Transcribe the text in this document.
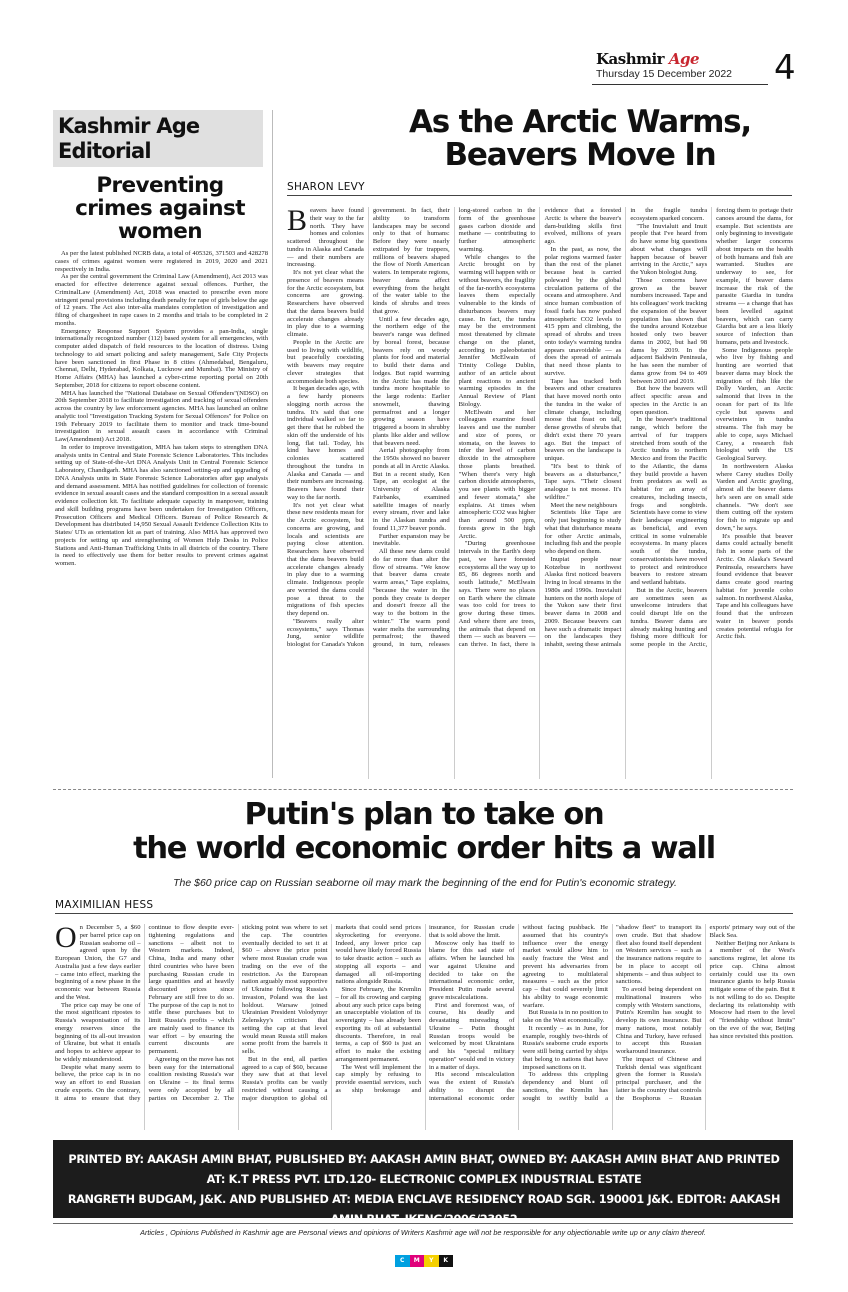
Kashmir Age
Thursday 15 December 2022 4
Kashmir Age
Editorial
Preventing
crimes against
women

As per the latest published NCRB data, a total of 405326, 371503 and 428278 cases of crimes against women were registered in 2019, 2020 and 2021 respectively in India.

As per the central government the Criminal Law (Amendment), Act 2013 was enacted for effective deterrence against sexual offences. Further, the CriminalLaw (Amendment) Act, 2018 was enacted to prescribe even more stringent penal provisions including death penalty for rape of girls below the age of 12 years. The Act also inter-alia mandates completion of investigation and filing of chargesheet in rape cases in 2 months and trials to be completed in 2 months.

Emergency Response Support System provides a pan-India, single internationally recognized number (112) based system for all emergencies, with computer aided dispatch of field resources to the location of distress. Using technology to aid smart policing and safety management, Safe City Projects have been sanctioned in first Phase in 8 cities (Ahmedabad, Bengaluru, Chennai, Delhi, Hyderabad, Kolkata, Lucknow and Mumbai). The Ministry of Home Affairs (MHA) has launched a cyber-crime reporting portal on 20th September, 2018 for citizens to report obscene content.

MHA has launched the "National Database on Sexual Offenders"(NDSO) on 20th September 2018 to facilitate investigation and tracking of sexual offenders across the country by law enforcement agencies. MHA has launched an online analytic tool "Investigation Tracking System for Sexual Offences" for Police on 19th February 2019 to facilitate them to monitor and track time-bound investigation in sexual assault cases in accordance with Criminal Law(Amendment) Act 2018.

In order to improve investigation, MHA has taken steps to strengthen DNA analysis units in Central and State Forensic Science Laboratories. This includes setting up of State-of-the-Art DNA Analysis Unit in Central Forensic Science Laboratory, Chandigarh. MHA has also sanctioned setting-up and upgrading of DNA Analysis units in State Forensic Science Laboratories after gap analysis and demand assessment. MHA has notified guidelines for collection of forensic evidence in sexual assault cases and the standard composition in a sexual assault evidence collection kit. To facilitate adequate capacity in manpower, training and skill building programs have been undertaken for Investigation Officers, Prosecution Officers and Medical Officers. Bureau of Police Research & Development has distributed 14,950 Sexual Assault Evidence Collection Kits to States/ UTs as orientation kit as part of training. Also MHA has approved two projects for setting up and strengthening of Women Help Desks in Police Stations and Anti-Human Trafficking Units in all districts of the country. There is need to effectively use them for better results to prevent crimes against women.

As the Arctic Warms,
Beavers Move In
SHARON LEVY

Beavers have found their way to the far north. They have homes and colonies scattered throughout the tundra in Alaska and Canada — and their numbers are increasing.

It's not yet clear what the presence of beavers means for the Arctic ecosystem, but concerns are growing. Researchers have observed that the dams beavers build accelerate changes already in play due to a warming climate.

People in the Arctic are used to living with wildlife, but peacefully coexisting with beavers may require clever strategies that accommodate both species.

It began decades ago, with a few hardy pioneers slogging north across the tundra. It's said that one individual walked so far to get there that he rubbed the skin off the underside of his long, flat tail. Today, his kind have homes and colonies scattered throughout the tundra in Alaska and Canada — and their numbers are increasing. Beavers have found their way to the far north.

It's not yet clear what these new residents mean for the Arctic ecosystem, but concerns are growing, and locals and scientists are paying close attention. Researchers have observed that the dams beavers build accelerate changes already in play due to a warming climate. Indigenous people are worried the dams could pose a threat to the migrations of fish species they depend on.

"Beavers really alter ecosystems," says Thomas Jung, senior wildlife biologist for Canada's Yukon government. In fact, their ability to transform landscapes may be second only to that of humans: Before they were nearly extirpated by fur trappers, millions of beavers shaped the flow of North American waters. In temperate regions, beaver dams affect everything from the height of the water table to the kinds of shrubs and trees that grow.

Until a few decades ago, the northern edge of the beaver's range was defined by boreal forest, because beavers rely on woody plants for food and material to build their dams and lodges. But rapid warming in the Arctic has made the tundra more hospitable to the large rodents: Earlier snowmelt, thawing permafrost and a longer growing season have triggered a boom in shrubby plants like alder and willow that beavers need.

Aerial photography from the 1950s showed no beaver ponds at all in Arctic Alaska. But in a recent study, Ken Tape, an ecologist at the University of Alaska Fairbanks, examined satellite images of nearly every stream, river and lake in the Alaskan tundra and found 11,377 beaver ponds.

Further expansion may be inevitable.

All these new dams could do far more than alter the flow of streams. "We know that beaver dams create warm areas," Tape explains, "because the water in the ponds they create is deeper and doesn't freeze all the way to the bottom in the winter." The warm pond water melts the surrounding permafrost; the thawed ground, in turn, releases long-stored carbon in the form of the greenhouse gases carbon dioxide and methane — contributing to further atmospheric warming.

While changes to the Arctic brought on by warming will happen with or without beavers, the fragility of the far-north's ecosystems leaves them especially vulnerable to the kinds of disturbances beavers may cause. In fact, the tundra may be the environment most threatened by climate change on the planet, according to paleobotanist Jennifer McElwain of Trinity College Dublin, author of an article about plant reactions to ancient warming episodes in the Annual Review of Plant Biology.

McElwain and her colleagues examine fossil leaves and use the number and size of pores, or stomata, on the leaves to infer the level of carbon dioxide in the atmosphere those plants breathed. "When there's very high carbon dioxide atmospheres, you see plants with bigger and fewer stomata," she explains. At times when atmospheric CO2 was higher than around 500 ppm, forests grew in the high Arctic.

"During greenhouse intervals in the Earth's deep past, we have forested ecosystems all the way up to 85, 86 degrees north and south latitude," McElwain says. There were no places on Earth where the climate was too cold for trees to grow during these times. And where there are trees, the animals that depend on them — such as beavers — can thrive. In fact, there is evidence that a forested Arctic is where the beaver's dam-building skills first evolved, millions of years ago.

In the past, as now, the polar regions warmed faster than the rest of the planet because heat is carried poleward by the global circulation patterns of the oceans and atmosphere. And since human combustion of fossil fuels has now pushed atmospheric CO2 levels to 415 ppm and climbing, the spread of shrubs and trees onto today's warming tundra appears unavoidable — as does the spread of animals that need those plants to survive.

Tape has tracked both beavers and other creatures that have moved north onto the tundra in the wake of climate change, including moose that feast on tall, dense growths of shrubs that didn't exist there 70 years ago. But the impact of beavers on the landscape is unique.

"It's best to think of beavers as a disturbance," Tape says. "Their closest analogue is not moose. It's wildfire."

Meet the new neighbours

Scientists like Tape are only just beginning to study what that disturbance means for other Arctic animals, including fish and the people who depend on them.

Inupiat people near Kotzebue in northwest Alaska first noticed beavers living in local streams in the 1980s and 1990s. Inuvialuit hunters on the north slope of the Yukon saw their first beaver dams in 2008 and 2009. Because beavers can have such a dramatic impact on the landscapes they inhabit, seeing these animals in the fragile tundra ecosystem sparked concern.

"The Inuvialuit and Inuit people that I've heard from do have some big questions about what changes will happen because of beaver arriving in the Arctic," says the Yukon biologist Jung.

Those concerns have grown as the beaver numbers increased. Tape and his colleagues' work tracking the expansion of the beaver population has shown that the tundra around Kotzebue hosted only two beaver dams in 2002, but had 98 dams by 2019. In the adjacent Baldwin Peninsula, he has seen the number of dams grow from 94 to 409 between 2010 and 2019.

But how the beavers will affect specific areas and species in the Arctic is an open question.

In the beaver's traditional range, which before the arrival of fur trappers stretched from south of the Arctic tundra to northern Mexico and from the Pacific to the Atlantic, the dams they build provide a haven from predators as well as habitat for an array of creatures, including insects, frogs and songbirds. Scientists have come to view their landscape engineering as beneficial, and even critical in some vulnerable ecosystems. In many places south of the tundra, conservationists have moved to protect and reintroduce beavers to restore stream and wetland habitats.

But in the Arctic, beavers are sometimes seen as unwelcome intruders that could disrupt life on the tundra. Beaver dams are already making hunting and fishing more difficult for some people in the Arctic, forcing them to portage their canoes around the dams, for example. But scientists are only beginning to investigate whether larger concerns about impacts on the health of both humans and fish are warranted. Studies are underway to see, for example, if beaver dams increase the risk of the parasite Giardia in tundra streams — a change that has been levelled against beavers, which can carry Giardia but are a less likely source of infection than humans, pets and livestock.

Some Indigenous people who live by fishing and hunting are worried that beaver dams may block the migration of fish like the Dolly Varden, an Arctic salmonid that lives in the ocean for part of its life cycle but spawns and overwinters in tundra streams. The fish may be able to cope, says Michael Carey, a research fish biologist with the US Geological Survey.

In northwestern Alaska where Carey studies Dolly Varden and Arctic grayling, almost all the beaver dams he's seen are on small side channels. "We don't see them cutting off the system for fish to migrate up and down," he says.

It's possible that beaver dams could actually benefit fish in some parts of the Arctic. On Alaska's Seward Peninsula, researchers have found evidence that beaver dams create good rearing habitat for juvenile coho salmon. In northwest Alaska, Tape and his colleagues have found that the unfrozen water in beaver ponds creates potential refugia for Arctic fish.

Putin's plan to take on
the world economic order hits a wall
The $60 price cap on Russian seaborne oil may mark the beginning of the end for Putin's economic strategy.
MAXIMILIAN HESS

On December 5, a $60 per barrel price cap on Russian seaborne oil – agreed upon by the European Union, the G7 and Australia just a few days earlier – came into effect, marking the beginning of a new phase in the economic war between Russia and the West.

The price cap may be one of the most significant ripostes to Russia's weaponisation of its energy reserves since the beginning of its all-out invasion of Ukraine, but what it entails and hopes to achieve appear to be widely misunderstood.

Despite what many seem to believe, the price cap is in no way an effort to end Russian crude exports. On the contrary, it aims to ensure that they continue to flow despite ever-tightening regulations and sanctions – albeit not to Western markets. Indeed, China, India and many other third countries who have been purchasing Russian crude in large quantities and at heavily discounted prices since February are still free to do so. The purpose of the cap is not to stifle these purchases but to limit Russia's profits – which are mainly used to finance its war effort – by ensuring the current discounts are permanent.

Agreeing on the move has not been easy for the international coalition resisting Russia's war on Ukraine – its final terms were only accepted by all parties on December 2. The sticking point was where to set the cap. The countries eventually decided to set it at $60 – above the price point where most Russian crude was trading on the eve of the restriction. As the European nation arguably most supportive of Ukraine following Russia's invasion, Poland was the last holdout. Warsaw joined Ukrainian President Volodymyr Zelenskyy's criticism that setting the cap at that level would mean Russia still makes some profit from the barrels it sells.

But in the end, all parties agreed to a cap of $60, because they saw that at that level Russia's profits can be vastly restricted without causing a major disruption to global oil markets that could send prices skyrocketing for everyone. Indeed, any lower price cap would have likely forced Russia to take drastic action – such as stopping all exports – and damaged all oil-importing nations alongside Russia.

Since February, the Kremlin – for all its crowing and carping about any such price caps being an unacceptable violation of its sovereignty – has already been exporting its oil at substantial discounts. Therefore, in real terms, a cap of $60 is just an effort to make the existing arrangement permanent.

The West will implement the cap simply by refusing to provide essential services, such as ship brokerage and insurance, for Russian crude that is sold above the limit.

Moscow only has itself to blame for this sad state of affairs. When he launched his war against Ukraine and decided to take on the international economic order, President Putin made several grave miscalculations.

First and foremost was, of course, his deadly and devastating misreading of Ukraine – Putin thought Russian troops would be welcomed by most Ukrainians and his "special military operation" would end in victory in a matter of days.

His second miscalculation was the extent of Russia's ability to disrupt the international economic order without facing pushback. He assumed that his country's influence over the energy market would allow him to easily fracture the West and prevent his adversaries from agreeing to multilateral measures – such as the price cap – that could severely limit his ability to wage economic warfare.

But Russia is in no position to take on the West economically.

It recently – as in June, for example, roughly two-thirds of Russia's seaborne crude exports were still being carried by ships that belong to nations that have imposed sanctions on it.

To address this crippling dependency and blunt oil sanctions, the Kremlin has sought to swiftly build a "shadow fleet" to transport its own crude. But that shadow fleet also found itself dependent on Western services – such as the insurance nations require to be in place to accept oil shipments – and thus subject to sanctions.

To avoid being dependent on multinational insurers who comply with Western sanctions, Putin's Kremlin has sought to develop its own insurance. But many nations, most notably China and Turkey, have refused to accept this Russian workaround insurance.

The impact of Chinese and Turkish denial was significant given the former is Russia's principal purchaser, and the latter is the country that controls the Bosphorus – Russian exports' primary way out of the Black Sea.

Neither Beijing nor Ankara is a member of the West's sanctions regime, let alone its price cap. China almost certainly could use its own insurance giants to help Russia mitigate some of the pain. But it is not willing to do so. Despite declaring its relationship with Moscow had risen to the level of "friendship without limits" on the eve of the war, Beijing has since revisited this position.

PRINTED BY: AAKASH AMIN BHAT, PUBLISHED BY: AAKASH AMIN BHAT, OWNED BY: AAKASH AMIN BHAT AND PRINTED AT: K.T PRESS PVT. LTD.120- ELECTRONIC COMPLEX INDUSTRIAL ESTATE
RANGRETH BUDGAM, J&K. AND PUBLISHED AT: MEDIA ENCLAVE RESIDENCY ROAD SGR. 190001 J&K. EDITOR: AAKASH AMIN BHAT, JKENG/2006/23952
Articles , Opinions Published in Kashmir age are Personal views and opinions of Writers Kashmir age will not be responsible for any objectionable write up or any claim thereof.
C	M	Y	K
